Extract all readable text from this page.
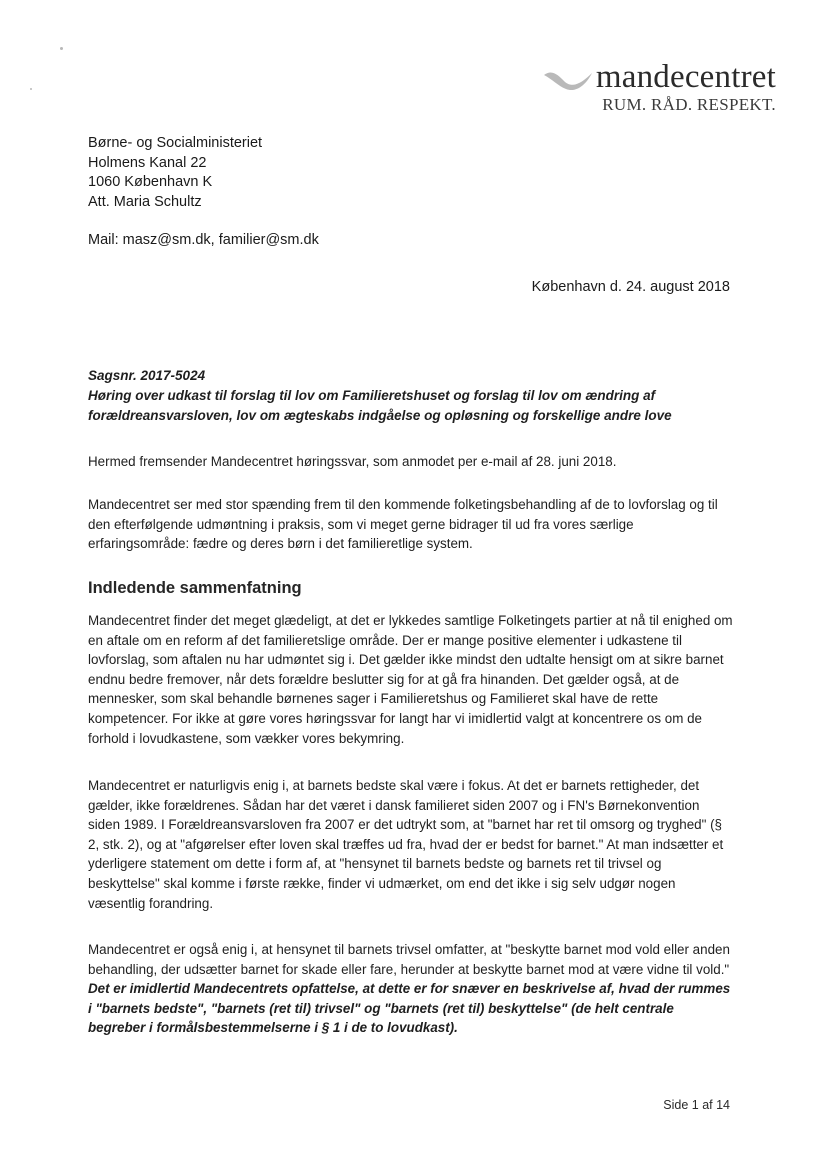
mandecentret
RUM. RÅD. RESPEKT.
Børne- og Socialministeriet
Holmens Kanal 22
1060 København K
Att. Maria Schultz
Mail: masz@sm.dk, familier@sm.dk
København d. 24. august 2018
Sagsnr. 2017-5024
Høring over udkast til forslag til lov om Familieretshuset og forslag til lov om ændring af
forældreansvarsloven, lov om ægteskabs indgåelse og opløsning og forskellige andre love
Hermed fremsender Mandecentret høringssvar, som anmodet per e-mail af 28. juni 2018.
Mandecentret ser med stor spænding frem til den kommende folketingsbehandling af de to lovforslag og til
den efterfølgende udmøntning i praksis, som vi meget gerne bidrager til ud fra vores særlige
erfaringsområde: fædre og deres børn i det familieretlige system.
Indledende sammenfatning
Mandecentret finder det meget glædeligt, at det er lykkedes samtlige Folketingets partier at nå til enighed om
en aftale om en reform af det familieretslige område. Der er mange positive elementer i udkastene til
lovforslag, som aftalen nu har udmøntet sig i. Det gælder ikke mindst den udtalte hensigt om at sikre barnet
endnu bedre fremover, når dets forældre beslutter sig for at gå fra hinanden. Det gælder også, at de
mennesker, som skal behandle børnenes sager i Familieretshus og Familieret skal have de rette
kompetencer. For ikke at gøre vores høringssvar for langt har vi imidlertid valgt at koncentrere os om de
forhold i lovudkastene, som vækker vores bekymring.
Mandecentret er naturligvis enig i, at barnets bedste skal være i fokus. At det er barnets rettigheder, det
gælder, ikke forældrenes. Sådan har det været i dansk familieret siden 2007 og i FN's Børnekonvention
siden 1989. I Forældreansvarsloven fra 2007 er det udtrykt som, at "barnet har ret til omsorg og tryghed" (§
2, stk. 2), og at "afgørelser efter loven skal træffes ud fra, hvad der er bedst for barnet." At man indsætter et
yderligere statement om dette i form af, at "hensynet til barnets bedste og barnets ret til trivsel og
beskyttelse" skal komme i første række, finder vi udmærket, om end det ikke i sig selv udgør nogen
væsentlig forandring.
Mandecentret er også enig i, at hensynet til barnets trivsel omfatter, at "beskytte barnet mod vold eller anden
behandling, der udsætter barnet for skade eller fare, herunder at beskytte barnet mod at være vidne til vold."
Det er imidlertid Mandecentrets opfattelse, at dette er for snæver en beskrivelse af, hvad der rummes
i "barnets bedste", "barnets (ret til) trivsel" og "barnets (ret til) beskyttelse" (de helt centrale
begreber i formålsbestemmelserne i § 1 i de to lovudkast).
Side 1 af 14
